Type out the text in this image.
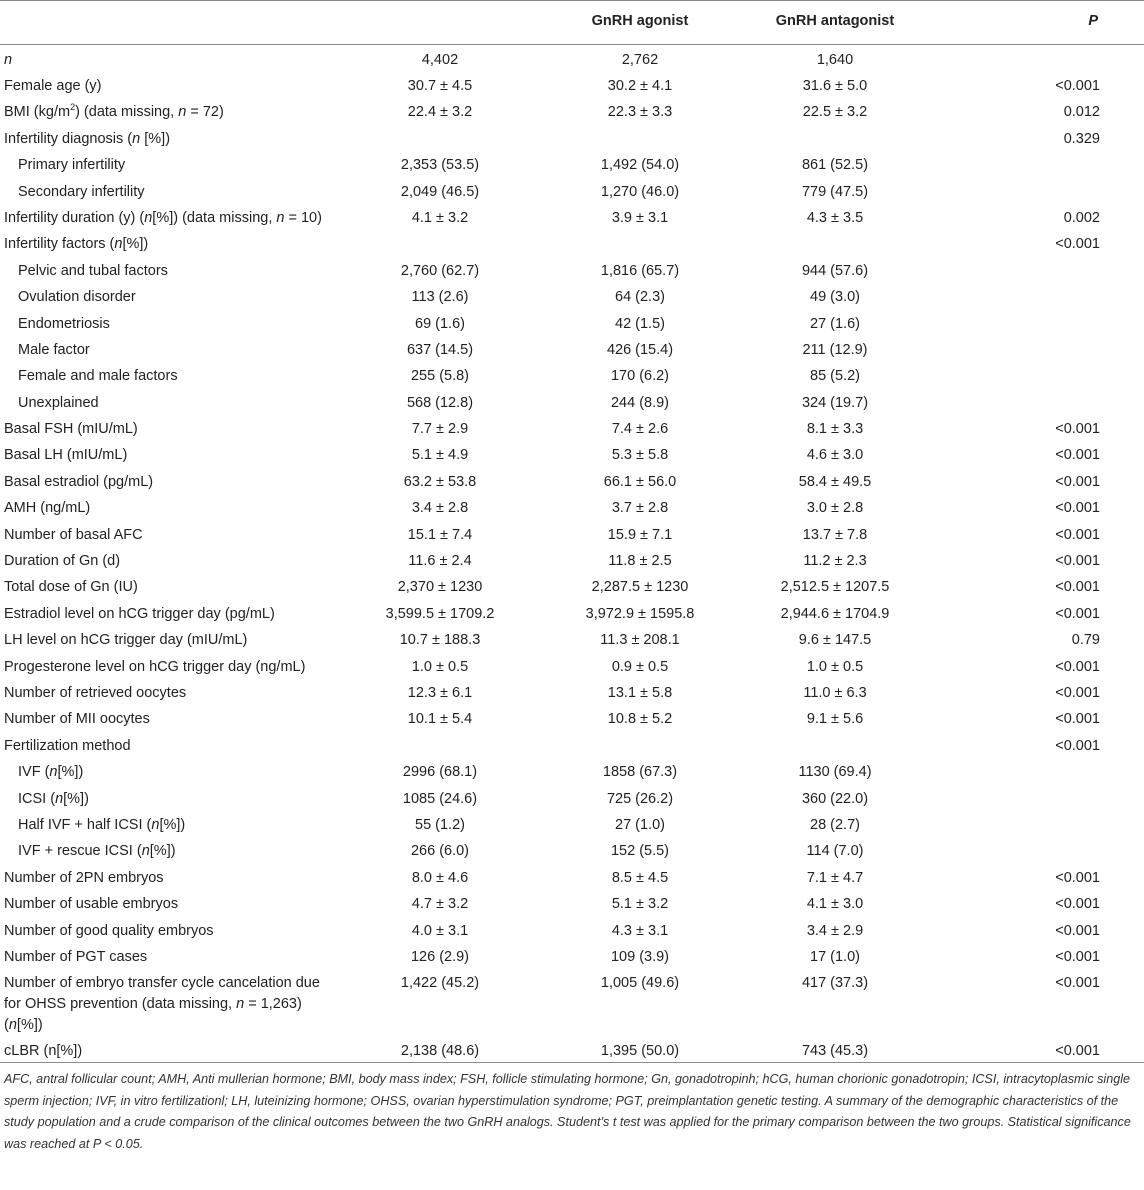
		GnRH agonist	GnRH antagonist	P
n	4,402	2,762	1,640	
Female age (y)	30.7 ± 4.5	30.2 ± 4.1	31.6 ± 5.0	<0.001
BMI $(kg/m^2)$ (data missing, n = 72)	22.4 ± 3.2	22.3 ± 3.3	22.5 ± 3.2	0.012
Infertility diagnosis (n [%])				0.329
Primary infertility	2,353 (53.5)	1,492 (54.0)	861 (52.5)	
Secondary infertility	2,049 (46.5)	1,270 (46.0)	779 (47.5)	
Infertility duration (y) (n[%]) (data missing, n = 10)	4.1 ± 3.2	3.9 ± 3.1	4.3 ± 3.5	0.002
Infertility factors (n[%])				<0.001
Pelvic and tubal factors	2,760 (62.7)	1,816 (65.7)	944 (57.6)	
Ovulation disorder	113 (2.6)	64 (2.3)	49 (3.0)	
Endometriosis	69 (1.6)	42 (1.5)	27 (1.6)	
Male factor	637 (14.5)	426 (15.4)	211 (12.9)	
Female and male factors	255 (5.8)	170 (6.2)	85 (5.2)	
Unexplained	568 (12.8)	244 (8.9)	324 (19.7)	
Basal FSH (mIU/mL)	7.7 ± 2.9	7.4 ± 2.6	8.1 ± 3.3	<0.001
Basal LH (mIU/mL)	5.1 ± 4.9	5.3 ± 5.8	4.6 ± 3.0	<0.001
Basal estradiol (pg/mL)	63.2 ± 53.8	66.1 ± 56.0	58.4 ± 49.5	<0.001
AMH (ng/mL)	3.4 ± 2.8	3.7 ± 2.8	3.0 ± 2.8	<0.001
Number of basal AFC	15.1 ± 7.4	15.9 ± 7.1	13.7 ± 7.8	<0.001
Duration of Gn (d)	11.6 ± 2.4	11.8 ± 2.5	11.2 ± 2.3	<0.001
Total dose of Gn (IU)	2,370 ± 1230	2,287.5 ± 1230	2,512.5 ± 1207.5	<0.001
Estradiol level on hCG trigger day (pg/mL)	3,599.5 ± 1709.2	3,972.9 ± 1595.8	2,944.6 ± 1704.9	<0.001
LH level on hCG trigger day (mIU/mL)	10.7 ± 188.3	11.3 ± 208.1	9.6 ± 147.5	0.79
Progesterone level on hCG trigger day (ng/mL)	1.0 ± 0.5	0.9 ± 0.5	1.0 ± 0.5	<0.001
Number of retrieved oocytes	12.3 ± 6.1	13.1 ± 5.8	11.0 ± 6.3	<0.001
Number of MII oocytes	10.1 ± 5.4	10.8 ± 5.2	9.1 ± 5.6	<0.001
Fertilization method				<0.001
IVF (n[%])	2996 (68.1)	1858 (67.3)	1130 (69.4)	
ICSI (n[%])	1085 (24.6)	725 (26.2)	360 (22.0)	
Half IVF + half ICSI (n[%])	55 (1.2)	27 (1.0)	28 (2.7)	
IVF + rescue ICSI (n[%])	266 (6.0)	152 (5.5)	114 (7.0)	
Number of 2PN embryos	8.0 ± 4.6	8.5 ± 4.5	7.1 ± 4.7	<0.001
Number of usable embryos	4.7 ± 3.2	5.1 ± 3.2	4.1 ± 3.0	<0.001
Number of good quality embryos	4.0 ± 3.1	4.3 ± 3.1	3.4 ± 2.9	<0.001
Number of PGT cases	126 (2.9)	109 (3.9)	17 (1.0)	<0.001
Number of embryo transfer cycle cancelation due for OHSS prevention (data missing, n = 1,263) (n[%])	1,422 (45.2)	1,005 (49.6)	417 (37.3)	<0.001
cLBR (n[%])	2,138 (48.6)	1,395 (50.0)	743 (45.3)	<0.001
AFC, antral follicular count; AMH, Anti mullerian hormone; BMI, body mass index; FSH, follicle stimulating hormone; Gn, gonadotropinh; hCG, human chorionic gonadotropin; ICSI, intracytoplasmic single sperm injection; IVF, in vitro fertilizationl; LH, luteinizing hormone; OHSS, ovarian hyperstimulation syndrome; PGT, preimplantation genetic testing. A summary of the demographic characteristics of the study population and a crude comparison of the clinical outcomes between the two GnRH analogs. Student’s t test was applied for the primary comparison between the two groups. Statistical significance was reached at P < 0.05.
